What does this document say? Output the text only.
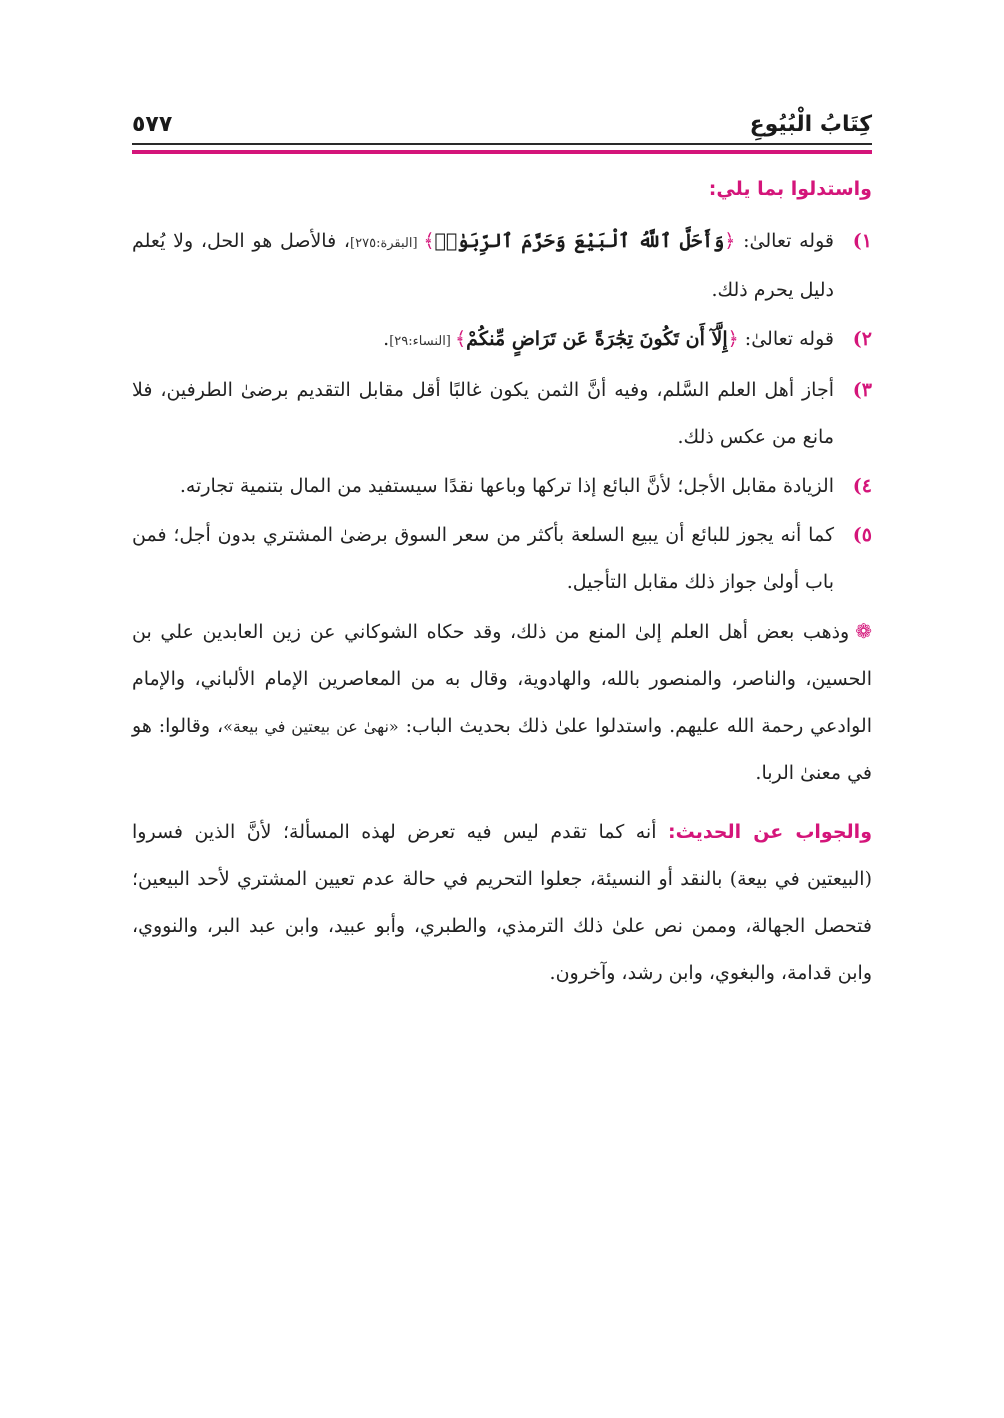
كِتَابُ الْبُيُوعِ
٥٧٧
واستدلوا بما يلي:
١)
قوله تعالىٰ: ﴿وَأَحَلَّ ٱللَّهُ ٱلْبَيْعَ وَحَرَّمَ ٱلرِّبَوٰا۟﴾ [البقرة:٢٧٥]، فالأصل هو الحل، ولا يُعلم دليل يحرم ذلك.
٢)
قوله تعالىٰ: ﴿إِلَّآ أَن تَكُونَ تِجَٰرَةً عَن تَرَاضٍ مِّنكُمْ﴾ [النساء:٢٩].
٣)
أجاز أهل العلم السَّلم، وفيه أنَّ الثمن يكون غالبًا أقل مقابل التقديم برضىٰ الطرفين، فلا مانع من عكس ذلك.
٤)
الزيادة مقابل الأجل؛ لأنَّ البائع إذا تركها وباعها نقدًا سيستفيد من المال بتنمية تجارته.
٥)
كما أنه يجوز للبائع أن يبيع السلعة بأكثر من سعر السوق برضىٰ المشتري بدون أجل؛ فمن باب أولىٰ جواز ذلك مقابل التأجيل.

❁وذهب بعض أهل العلم إلىٰ المنع من ذلك، وقد حكاه الشوكاني عن زين العابدين علي بن الحسين، والناصر، والمنصور بالله، والهادوية، وقال به من المعاصرين الإمام الألباني، والإمام الوادعي رحمة الله عليهم. واستدلوا علىٰ ذلك بحديث الباب: «نهىٰ عن بيعتين في بيعة»، وقالوا: هو في معنىٰ الربا.

والجواب عن الحديث: أنه كما تقدم ليس فيه تعرض لهذه المسألة؛ لأنَّ الذين فسروا (البيعتين في بيعة) بالنقد أو النسيئة، جعلوا التحريم في حالة عدم تعيين المشتري لأحد البيعين؛ فتحصل الجهالة، وممن نص علىٰ ذلك الترمذي، والطبري، وأبو عبيد، وابن عبد البر، والنووي، وابن قدامة، والبغوي، وابن رشد، وآخرون.
